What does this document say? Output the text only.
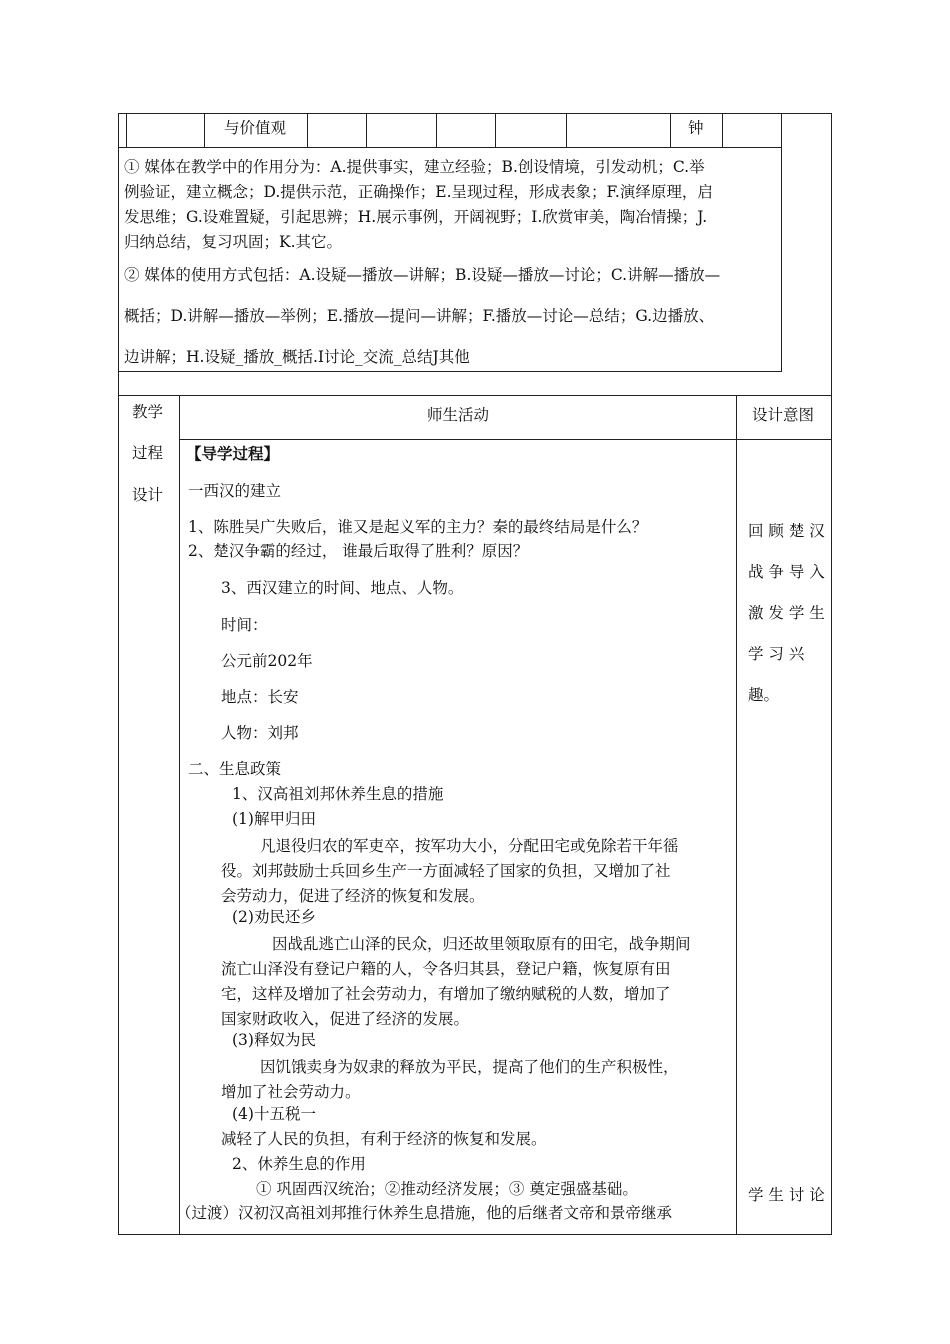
与价值观	钟
① 媒体在教学中的作用分为：A.提供事实，建立经验；B.创设情境，引发动机；C.举
例验证，建立概念；D.提供示范，正确操作；E.呈现过程，形成表象；F.演绎原理，启
发思维；G.设难置疑，引起思辨；H.展示事例，开阔视野；I.欣赏审美，陶冶情操；J.
归纳总结，复习巩固；K.其它。
② 媒体的使用方式包括：A.设疑—播放—讲解；B.设疑—播放—讨论；C.讲解—播放—
概括；D.讲解—播放—举例；E.播放—提问—讲解；F.播放—讨论—总结；G.边播放、
边讲解；H.设疑_播放_概括.I讨论_交流_总结J其他
教学
过程
设计
师生活动	设计意图
【导学过程】
一西汉的建立
1、陈胜吴广失败后，谁又是起义军的主力？秦的最终结局是什么？
2、楚汉争霸的经过， 谁最后取得了胜利？原因？
3、西汉建立的时间、地点、人物。
时间：
公元前202年
地点：长安
人物：刘邦
二、生息政策
1、汉高祖刘邦休养生息的措施
(1)解甲归田
凡退役归农的军吏卒，按军功大小，分配田宅或免除若干年徭
役。刘邦鼓励士兵回乡生产一方面减轻了国家的负担，又增加了社
会劳动力，促进了经济的恢复和发展。
(2)劝民还乡
因战乱逃亡山泽的民众，归还故里领取原有的田宅，战争期间
流亡山泽没有登记户籍的人，令各归其县，登记户籍，恢复原有田
宅，这样及增加了社会劳动力，有增加了缴纳赋税的人数，增加了
国家财政收入，促进了经济的发展。
(3)释奴为民
因饥饿卖身为奴隶的释放为平民，提高了他们的生产积极性，
增加了社会劳动力。
(4)十五税一
减轻了人民的负担，有利于经济的恢复和发展。
2、休养生息的作用
① 巩固西汉统治；②推动经济发展；③ 奠定强盛基础。
（过渡）汉初汉高祖刘邦推行休养生息措施，他的后继者文帝和景帝继承
回 顾 楚 汉
战 争 导 入
激 发 学 生
学 习 兴
趣。
学 生 讨 论
